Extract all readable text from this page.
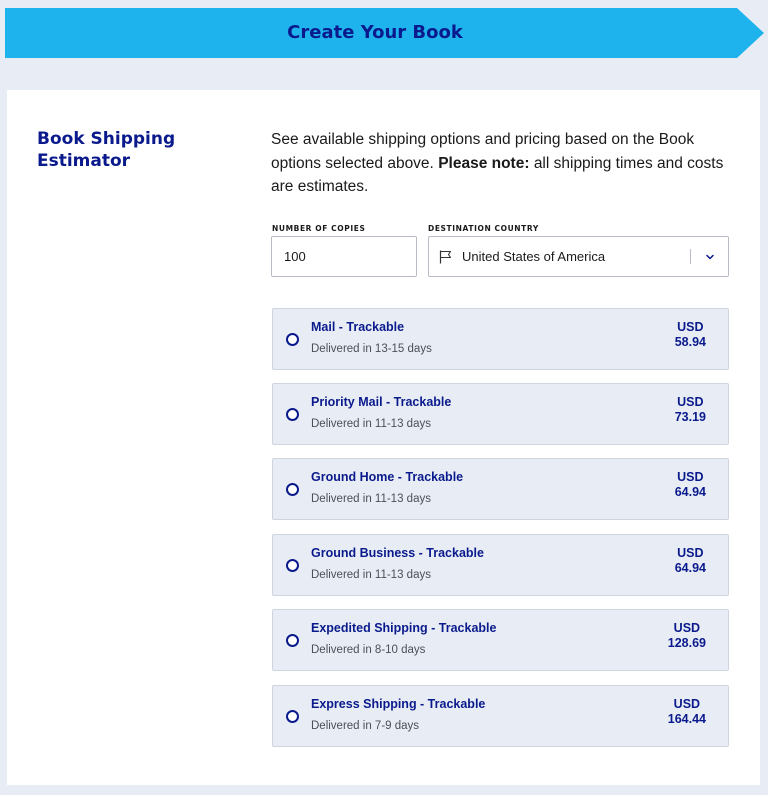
Create Your Book
Book Shipping Estimator
See available shipping options and pricing based on the Book options selected above. Please note: all shipping times and costs are estimates.
NUMBER OF COPIES	DESTINATION COUNTRY
100
United States of America
Mail - Trackable
Delivered in 13-15 days
USD
58.94
Priority Mail - Trackable
Delivered in 11-13 days
USD
73.19
Ground Home - Trackable
Delivered in 11-13 days
USD
64.94
Ground Business - Trackable
Delivered in 11-13 days
USD
64.94
Expedited Shipping - Trackable
Delivered in 8-10 days
USD
128.69
Express Shipping - Trackable
Delivered in 7-9 days
USD
164.44
